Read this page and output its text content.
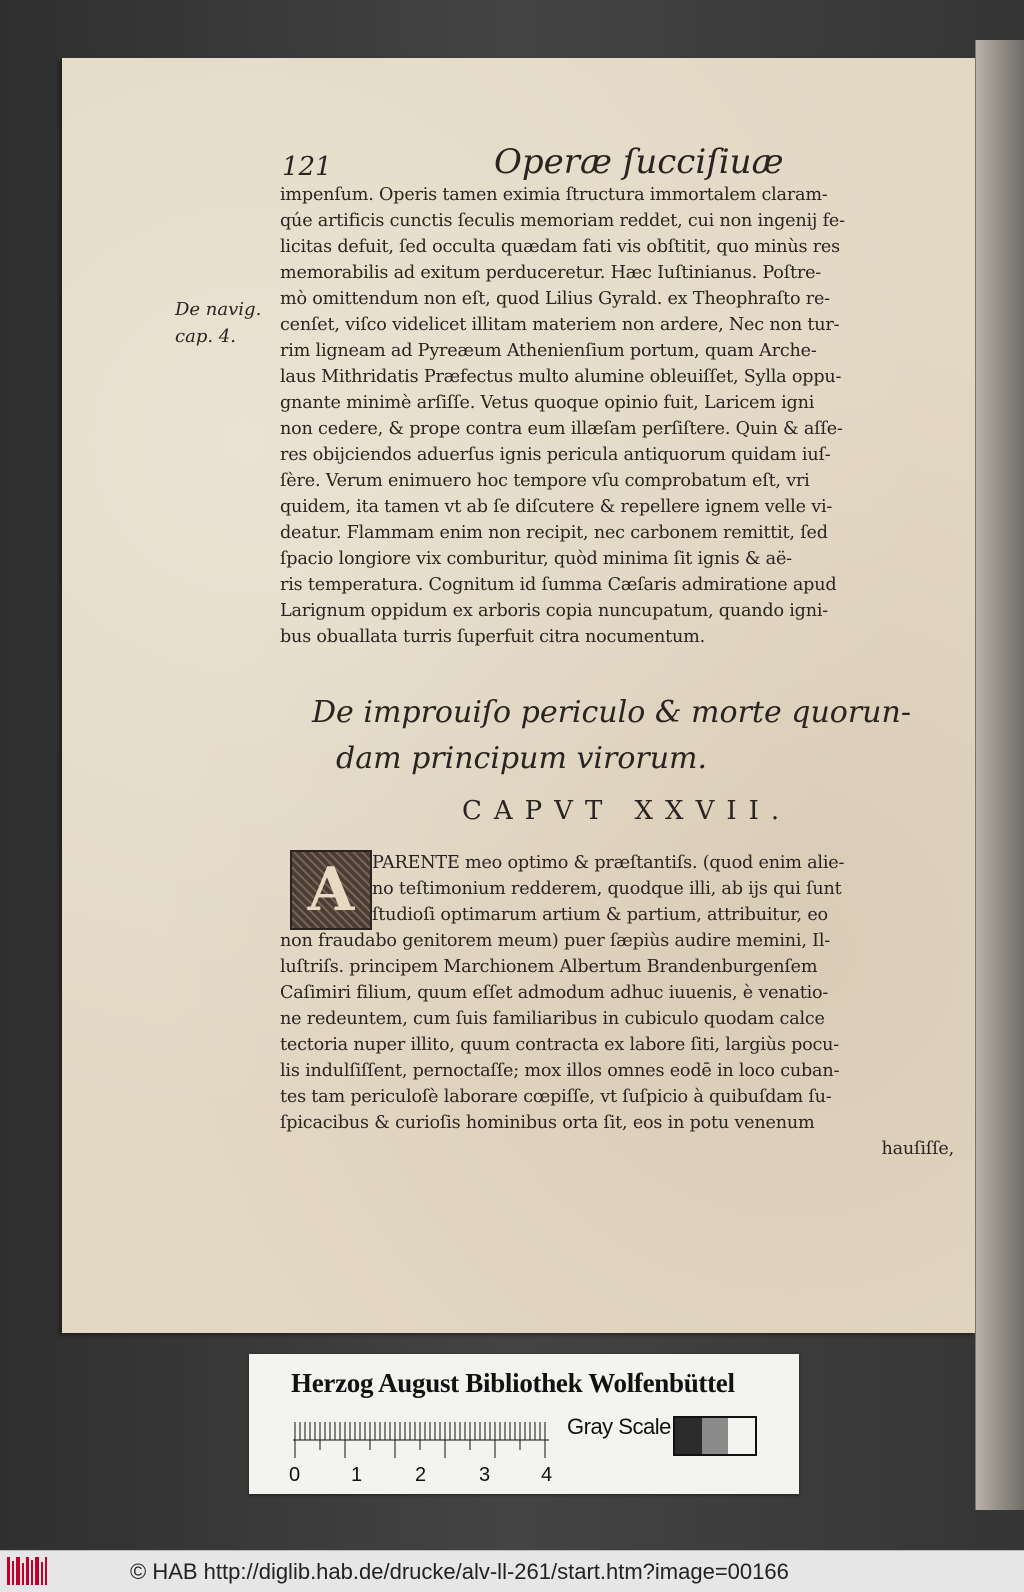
121	Operæ ſucciſiuæ
De navig.
cap. 4.
impenſum. Operis tamen eximia ſtructura immortalem claram-
qúe artificis cunctis ſeculis memoriam reddet, cui non ingenij fe-
licitas defuit, ſed occulta quædam fati vis obſtitit, quo minùs res
memorabilis ad exitum perduceretur. Hæc Iuſtinianus. Poſtre-
mò omittendum non eſt, quod Lilius Gyrald. ex Theophraſto re-
cenſet, viſco videlicet illitam materiem non ardere, Nec non tur-
rim ligneam ad Pyreæum Athenienſium portum, quam Arche-
laus Mithridatis Præfectus multo alumine obleuiſſet, Sylla oppu-
gnante minimè arſiſſe. Vetus quoque opinio fuit, Laricem igni
non cedere, & prope contra eum illæſam perſiſtere. Quin & aſſe-
res obijciendos aduerſus ignis pericula antiquorum quidam iuſ-
ſère. Verum enimuero hoc tempore vſu comprobatum eſt, vri
quidem, ita tamen vt ab ſe diſcutere & repellere ignem velle vi-
deatur. Flammam enim non recipit, nec carbonem remittit, ſed
ſpacio longiore vix comburitur, quòd minima ſit ignis & aë-
ris temperatura. Cognitum id ſumma Cæſaris admiratione apud
Larignum oppidum ex arboris copia nuncupatum, quando igni-
bus obuallata turris ſuperfuit citra nocumentum.
De improuiſo periculo & morte quorun-
dam principum virorum.
CAPVT XXVII.
A	PARENTE meo optimo & præſtantiſs. (quod enim alie-
no teſtimonium redderem, quodque illi, ab ijs qui ſunt
ſtudioſi optimarum artium & partium, attribuitur, eo
non fraudabo genitorem meum) puer ſæpiùs audire memini, Il-
luſtriſs. principem Marchionem Albertum Brandenburgenſem
Caſimiri filium, quum eſſet admodum adhuc iuuenis, è venatio-
ne redeuntem, cum ſuis familiaribus in cubiculo quodam calce
tectoria nuper illito, quum contracta ex labore ſiti, largiùs pocu-
lis indulſiſſent, pernoctaſſe; mox illos omnes eodē in loco cuban-
tes tam periculoſè laborare cœpiſſe, vt ſuſpicio à quibuſdam ſu-
ſpicacibus & curioſis hominibus orta ſit, eos in potu venenum
hauſiſſe,
Herzog August Bibliothek Wolfenbüttel
0	1	2	3	4
Gray Scale
© HAB http://diglib.hab.de/drucke/alv-ll-261/start.htm?image=00166
